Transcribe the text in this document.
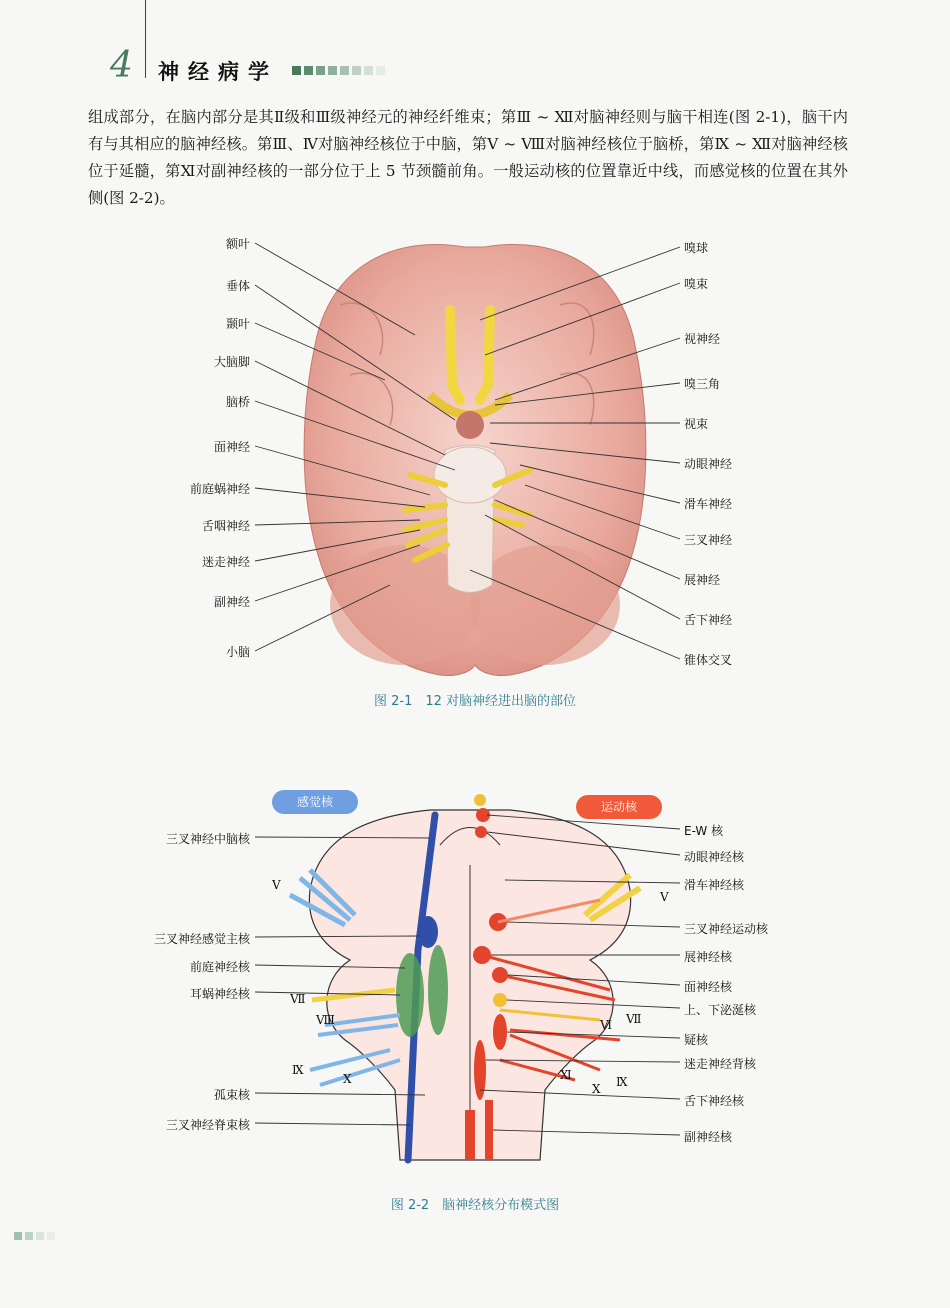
4 神经病学

组成部分，在脑内部分是其Ⅱ级和Ⅲ级神经元的神经纤维束；第Ⅲ ~ Ⅻ对脑神经则与脑干相连(图 2-1)，脑干内有与其相应的脑神经核。第Ⅲ、Ⅳ对脑神经核位于中脑，第Ⅴ ~ Ⅷ对脑神经核位于脑桥，第Ⅸ ~ Ⅻ对脑神经核位于延髓，第Ⅺ对副神经核的一部分位于上 5 节颈髓前角。一般运动核的位置靠近中线，而感觉核的位置在其外侧(图 2-2)。

额叶
垂体
颞叶
大脑脚
脑桥
面神经
前庭蜗神经
舌咽神经
迷走神经
副神经
小脑
嗅球
嗅束
视神经
嗅三角
视束
动眼神经
滑车神经
三叉神经
展神经
舌下神经
锥体交叉
图 2-1　12 对脑神经进出脑的部位
感觉核	运动核
三叉神经中脑核
三叉神经感觉主核
前庭神经核
耳蜗神经核
孤束核
三叉神经脊束核
E-W 核
动眼神经核
滑车神经核
三叉神经运动核
展神经核
面神经核
上、下泌涎核
疑核
迷走神经背核
舌下神经核
副神经核
V
Ⅶ
Ⅷ
Ⅸ
X
V
Ⅵ Ⅶ
Ⅺ
X Ⅸ
图 2-2　脑神经核分布模式图
